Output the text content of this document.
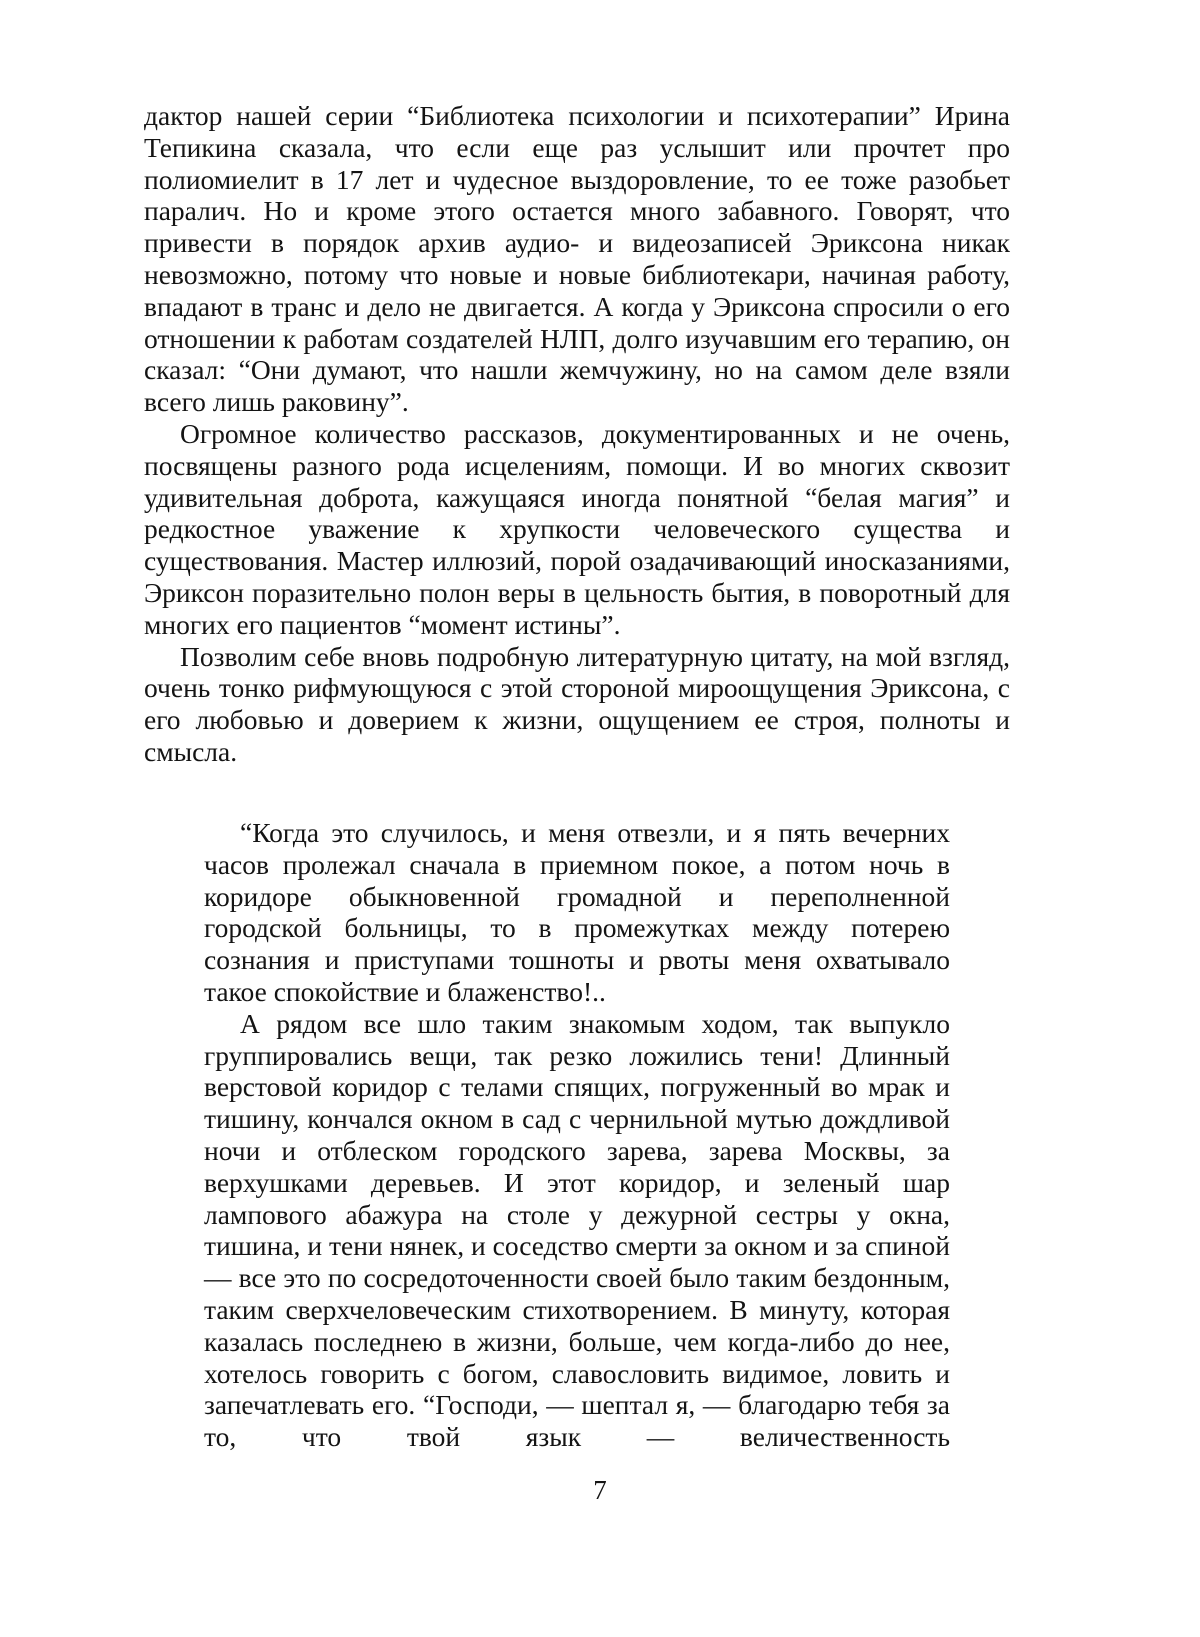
дактор нашей серии “Библиотека психологии и психотерапии” Ирина Тепикина сказала, что если еще раз услышит или прочтет про полиомиелит в 17 лет и чудесное выздоровление, то ее тоже разобьет паралич. Но и кроме этого остается много забавного. Говорят, что привести в порядок архив аудио- и видеозаписей Эриксона никак невозможно, потому что новые и новые библиотекари, начиная работу, впадают в транс и дело не двигается. А когда у Эриксона спросили о его отношении к работам создателей НЛП, долго изучавшим его терапию, он сказал: “Они думают, что нашли жемчужину, но на самом деле взяли всего лишь раковину”.

Огромное количество рассказов, документированных и не очень, посвящены разного рода исцелениям, помощи. И во многих сквозит удивительная доброта, кажущаяся иногда понятной “белая магия” и редкостное уважение к хрупкости человеческого существа и существования. Мастер иллюзий, порой озадачивающий иносказаниями, Эриксон поразительно полон веры в цельность бытия, в поворотный для многих его пациентов “момент истины”.

Позволим себе вновь подробную литературную цитату, на мой взгляд, очень тонко рифмующуюся с этой стороной мироощущения Эриксона, с его любовью и доверием к жизни, ощущением ее строя, полноты и смысла.

“Когда это случилось, и меня отвезли, и я пять вечерних часов пролежал сначала в приемном покое, а потом ночь в коридоре обыкновенной громадной и переполненной городской больницы, то в промежутках между потерею сознания и приступами тошноты и рвоты меня охватывало такое спокойствие и блаженство!..

А рядом все шло таким знакомым ходом, так выпукло группировались вещи, так резко ложились тени! Длинный верстовой коридор с телами спящих, погруженный во мрак и тишину, кончался окном в сад с чернильной мутью дождливой ночи и отблеском городского зарева, зарева Москвы, за верхушками деревьев. И этот коридор, и зеленый шар лампового абажура на столе у дежурной сестры у окна, тишина, и тени нянек, и соседство смерти за окном и за спиной — все это по сосредоточенности своей было таким бездонным, таким сверхчеловеческим стихотворением. В минуту, которая казалась последнею в жизни, больше, чем когда-либо до нее, хотелось говорить с богом, славословить видимое, ловить и запечатлевать его. “Господи, — шептал я, — благодарю тебя за то, что твой язык — величественность

7
